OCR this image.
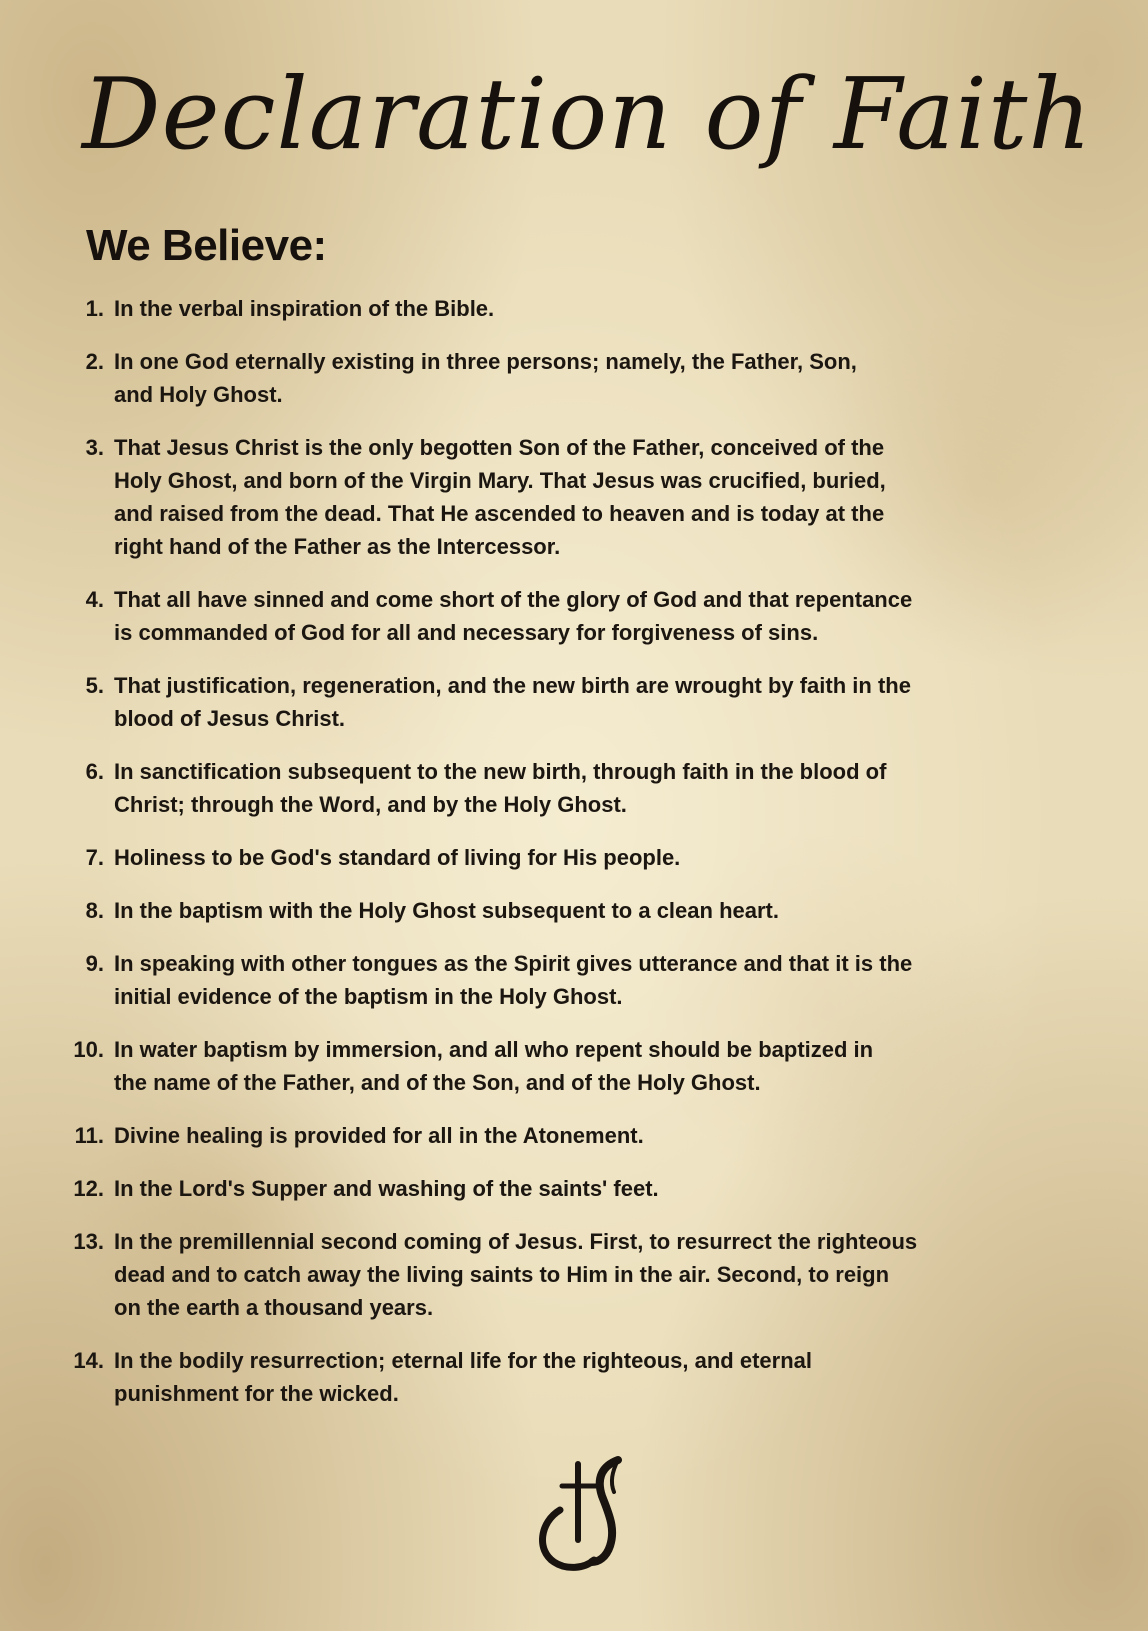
Declaration of Faith
We Believe:
1. In the verbal inspiration of the Bible.
2. In one God eternally existing in three persons; namely, the Father, Son,
and Holy Ghost.
3. That Jesus Christ is the only begotten Son of the Father, conceived of the
Holy Ghost, and born of the Virgin Mary. That Jesus was crucified, buried,
and raised from the dead. That He ascended to heaven and is today at the
right hand of the Father as the Intercessor.
4. That all have sinned and come short of the glory of God and that repentance
is commanded of God for all and necessary for forgiveness of sins.
5. That justification, regeneration, and the new birth are wrought by faith in the
blood of Jesus Christ.
6. In sanctification subsequent to the new birth, through faith in the blood of
Christ; through the Word, and by the Holy Ghost.
7. Holiness to be God's standard of living for His people.
8. In the baptism with the Holy Ghost subsequent to a clean heart.
9. In speaking with other tongues as the Spirit gives utterance and that it is the
initial evidence of the baptism in the Holy Ghost.
10. In water baptism by immersion, and all who repent should be baptized in
the name of the Father, and of the Son, and of the Holy Ghost.
11. Divine healing is provided for all in the Atonement.
12. In the Lord's Supper and washing of the saints' feet.
13. In the premillennial second coming of Jesus. First, to resurrect the righteous
dead and to catch away the living saints to Him in the air. Second, to reign
on the earth a thousand years.
14. In the bodily resurrection; eternal life for the righteous, and eternal
punishment for the wicked.
